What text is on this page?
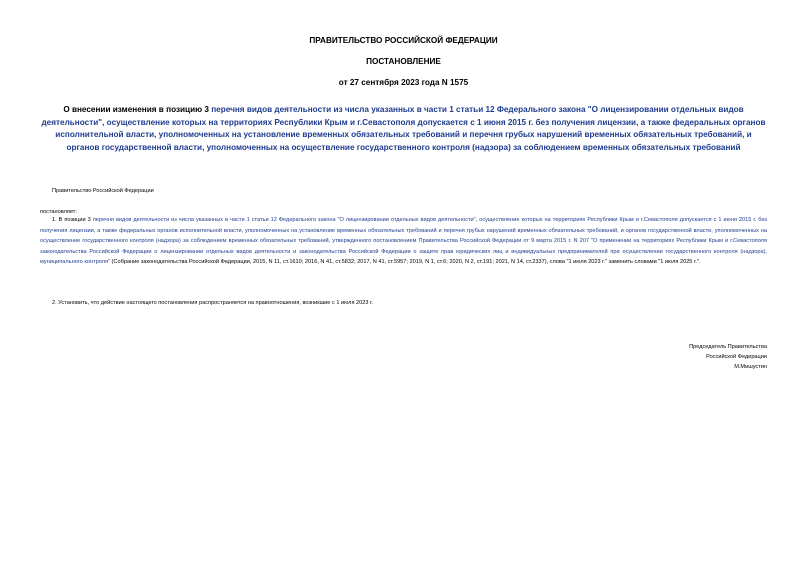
ПРАВИТЕЛЬСТВО РОССИЙСКОЙ ФЕДЕРАЦИИ
ПОСТАНОВЛЕНИЕ
от 27 сентября 2023 года N 1575
О внесении изменения в позицию 3 перечня видов деятельности из числа указанных в части 1 статьи 12 Федерального закона "О лицензировании отдельных видов деятельности", осуществление которых на территориях Республики Крым и г.Севастополя допускается с 1 июня 2015 г. без получения лицензии, а также федеральных органов исполнительной власти, уполномоченных на установление временных обязательных требований и перечня грубых нарушений временных обязательных требований, и органов государственной власти, уполномоченных на осуществление государственного контроля (надзора) за соблюдением временных обязательных требований
Правительство Российской Федерации
постановляет:
1. В позиции 3 перечня видов деятельности из числа указанных в части 1 статьи 12 Федерального закона "О лицензировании отдельных видов деятельности", осуществление которых на территориях Республики Крым и г.Севастополя допускается с 1 июня 2015 г. без получения лицензии, а также федеральных органов исполнительной власти, уполномоченных на установление временных обязательных требований и перечня грубых нарушений временных обязательных требований, и органов государственной власти, уполномоченных на осуществление государственного контроля (надзора) за соблюдением временных обязательных требований, утвержденного постановлением Правительства Российской Федерации от 9 марта 2015 г. N 207 "О применении на территориях Республики Крым и г.Севастополя законодательства Российской Федерации о лицензировании отдельных видов деятельности и законодательства Российской Федерации о защите прав юридических лиц и индивидуальных предпринимателей при осуществлении государственного контроля (надзора), муниципального контроля" (Собрание законодательства Российской Федерации, 2015, N 11, ст.1610; 2016, N 41, ст.5832; 2017, N 41, ст.5957; 2019, N 1, ст.6; 2020, N 2, ст.191; 2021, N 14, ст.2337), слова "1 июля 2023 г." заменить словами "1 июля 2025 г.".
2. Установить, что действие настоящего постановления распространяется на правоотношения, возникшие с 1 июля 2023 г.
Председатель Правительства
Российской Федерации
М.Мишустин
